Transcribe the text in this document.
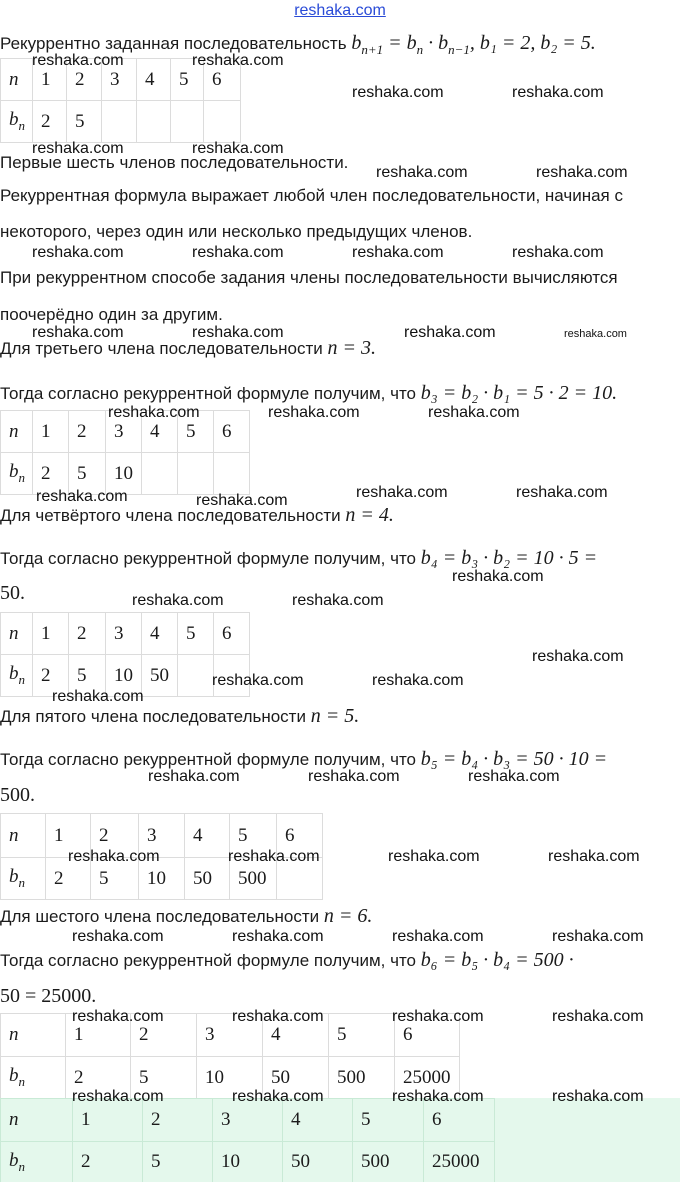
reshaka.com
Рекуррентно заданная последовательность $b_{n+1} = b_n \cdot b_{n-1}$, b₁ = 2, b₂ = 5.
n	1	2	3	4	5	6
$b_n$	2	5				
Первые шесть членов последовательности.
Рекуррентная формула выражает любой член последовательности, начиная с
некоторого, через один или несколько предыдущих членов.
При рекуррентном способе задания члены последовательности вычисляются
поочерёдно один за другим.
Для третьего члена последовательности n = 3.
Тогда согласно рекуррентной формуле получим, что b₃ = b₂ · b₁ = 5 · 2 = 10.
n	1	2	3	4	5	6
$b_n$	2	5	10			
Для четвёртого члена последовательности n = 4.
Тогда согласно рекуррентной формуле получим, что b₄ = b₃ · b₂ = 10 · 5 =
50.
n	1	2	3	4	5	6
$b_n$	2	5	10	50		
Для пятого члена последовательности n = 5.
Тогда согласно рекуррентной формуле получим, что b₅ = b₄ · b₃ = 50 · 10 =
500.
n	1	2	3	4	5	6
$b_n$	2	5	10	50	500	
Для шестого члена последовательности n = 6.
Тогда согласно рекуррентной формуле получим, что b₆ = b₅ · b₄ = 500 ·
50 = 25000.
n	1	2	3	4	5	6
$b_n$	2	5	10	50	500	25000
n	1	2	3	4	5	6
$b_n$	2	5	10	50	500	25000
reshaka.com	reshaka.com
reshaka.com	reshaka.com
reshaka.com	reshaka.com
reshaka.com	reshaka.com
reshaka.com	reshaka.com	reshaka.com	reshaka.com
reshaka.com	reshaka.com	reshaka.com	reshaka.com
reshaka.com	reshaka.com	reshaka.com
reshaka.com	reshaka.com	reshaka.com	reshaka.com
reshaka.com
reshaka.com	reshaka.com
reshaka.com
reshaka.com	reshaka.com
reshaka.com
reshaka.com	reshaka.com	reshaka.com
reshaka.com	reshaka.com	reshaka.com	reshaka.com
reshaka.com	reshaka.com	reshaka.com	reshaka.com
reshaka.com	reshaka.com	reshaka.com	reshaka.com
reshaka.com	reshaka.com	reshaka.com	reshaka.com
